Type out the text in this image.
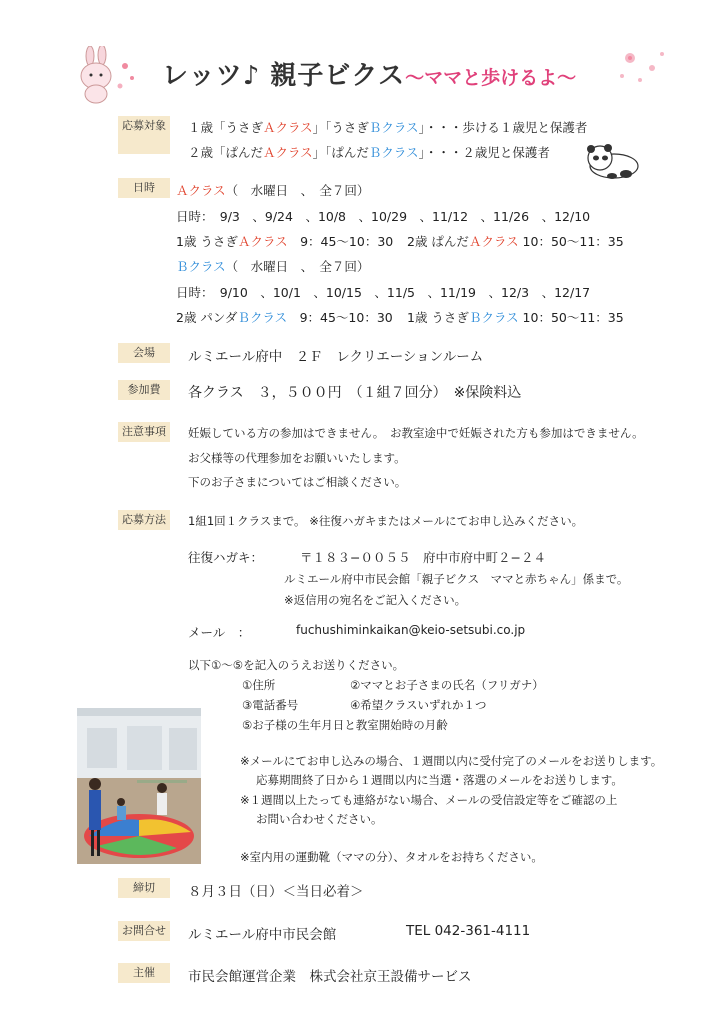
レッツ♪ 親子ビクス〜ママと歩けるよ〜
応募対象	１歳「うさぎＡクラス」「うさぎＢクラス」・・・歩ける１歳児と保護者
２歳「ぱんだＡクラス」「ぱんだＢクラス」・・・２歳児と保護者
日時	Ａクラス（　水曜日　、　全７回）
日時：　9/3　、9/24　、10/8　、10/29　、11/12　、11/26　、12/10
1歳 うさぎＡクラス　9：45〜10：30 2歳 ぱんだＡクラス 10：50〜11：35
Ｂクラス（　水曜日　、　全７回）
日時：　9/10　、10/1　、10/15　、11/5　、11/19　、12/3　、12/17
2歳 パンダＢクラス　9：45〜10：30 1歳 うさぎＢクラス 10：50〜11：35
会場	ルミエール府中　２Ｆ　レクリエーションルーム
参加費	各クラス　３，５００円　（１組７回分）　※保険料込
注意事項	妊娠している方の参加はできません。　お教室途中で妊娠された方も参加はできません。
お父様等の代理参加をお願いいたします。
下のお子さまについてはご相談ください。
応募方法	1組1回１クラスまで。 ※往復ハガキまたはメールにてお申し込みください。
往復ハガキ：	〒１８３−００５５　府中市府中町２−２４
ルミエール府中市民会館「親子ビクス　ママと赤ちゃん」係まで。
※返信用の宛名をご記入ください。
メール　：	fuchushiminkaikan@keio-setsubi.co.jp
以下①〜⑤を記入のうえお送りください。
①住所	②ママとお子さまの氏名（フリガナ）
③電話番号	④希望クラスいずれか１つ
⑤お子様の生年月日と教室開始時の月齢
※メールにてお申し込みの場合、１週間以内に受付完了のメールをお送りします。
応募期間終了日から１週間以内に当選・落選のメールをお送りします。
※１週間以上たっても連絡がない場合、メールの受信設定等をご確認の上
お問い合わせください。
※室内用の運動靴（ママの分）、タオルをお持ちください。
締切	８月３日（日）＜当日必着＞
お問合せ ルミエール府中市民会館	TEL 042-361-4111
主催	市民会館運営企業　株式会社京王設備サービス
